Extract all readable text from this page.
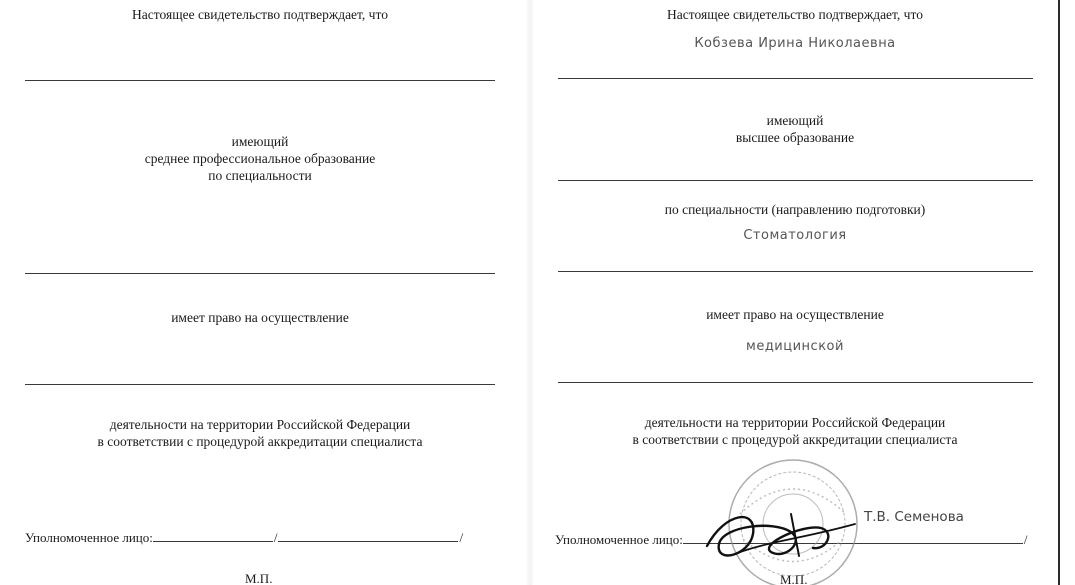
Настоящее свидетельство подтверждает, что
имеющий
среднее профессиональное образование
по специальности
имеет право на осуществление
деятельности на территории Российской Федерации
в соответствии с процедурой аккредитации специалиста
Уполномоченное лицо:	/	/
М.П.
Настоящее свидетельство подтверждает, что
Кобзева Ирина Николаевна
имеющий
высшее образование
по специальности (направлению подготовки)
Стоматология
имеет право на осуществление
медицинской
деятельности на территории Российской Федерации
в соответствии с процедурой аккредитации специалиста
Уполномоченное лицо:	/
Т.В. Семенова
М.П.
